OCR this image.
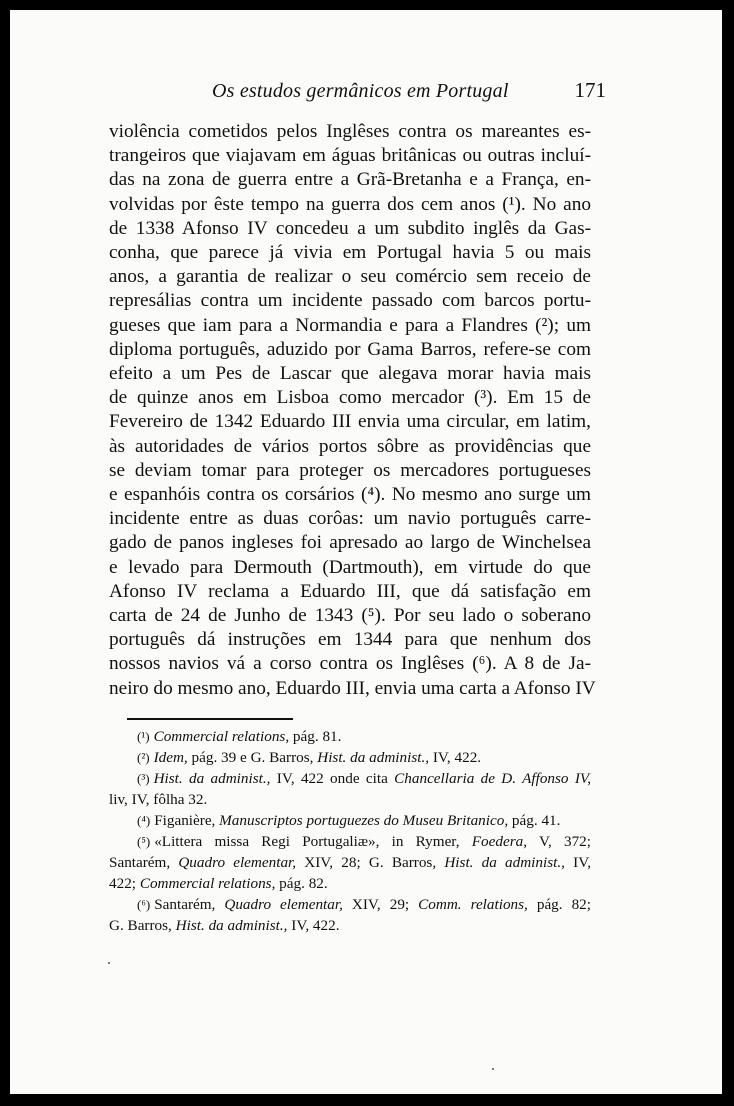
Os estudos germânicos em Portugal	171
violência cometidos pelos Inglêses contra os mareantes es-
trangeiros que viajavam em águas britânicas ou outras incluí-
das na zona de guerra entre a Grã-Bretanha e a França, en-
volvidas por êste tempo na guerra dos cem anos (¹). No ano
de 1338 Afonso IV concedeu a um subdito inglês da Gas-
conha, que parece já vivia em Portugal havia 5 ou mais
anos, a garantia de realizar o seu comércio sem receio de
represálias contra um incidente passado com barcos portu-
gueses que iam para a Normandia e para a Flandres (²); um
diploma português, aduzido por Gama Barros, refere-se com
efeito a um Pes de Lascar que alegava morar havia mais
de quinze anos em Lisboa como mercador (³). Em 15 de
Fevereiro de 1342 Eduardo III envia uma circular, em latim,
às autoridades de vários portos sôbre as providências que
se deviam tomar para proteger os mercadores portugueses
e espanhóis contra os corsários (⁴). No mesmo ano surge um
incidente entre as duas corôas: um navio português carre-
gado de panos ingleses foi apresado ao largo de Winchelsea
e levado para Dermouth (Dartmouth), em virtude do que
Afonso IV reclama a Eduardo III, que dá satisfação em
carta de 24 de Junho de 1343 (⁵). Por seu lado o soberano
português dá instruções em 1344 para que nenhum dos
nossos navios vá a corso contra os Inglêses (⁶). A 8 de Ja-
neiro do mesmo ano, Eduardo III, envia uma carta a Afonso IV
(¹) Commercial relations, pág. 81.
(²) Idem, pág. 39 e G. Barros, Hist. da administ., IV, 422.
(³) Hist. da administ., IV, 422 onde cita Chancellaria de D. Affonso IV,
liv, IV, fôlha 32.
(⁴) Figanière, Manuscriptos portuguezes do Museu Britanico, pág. 41.
(⁵) «Littera missa Regi Portugaliæ», in Rymer, Foedera, V, 372;
Santarém, Quadro elementar, XIV, 28; G. Barros, Hist. da administ., IV,
422; Commercial relations, pág. 82.
(⁶) Santarém, Quadro elementar, XIV, 29; Comm. relations, pág. 82;
G. Barros, Hist. da administ., IV, 422.
